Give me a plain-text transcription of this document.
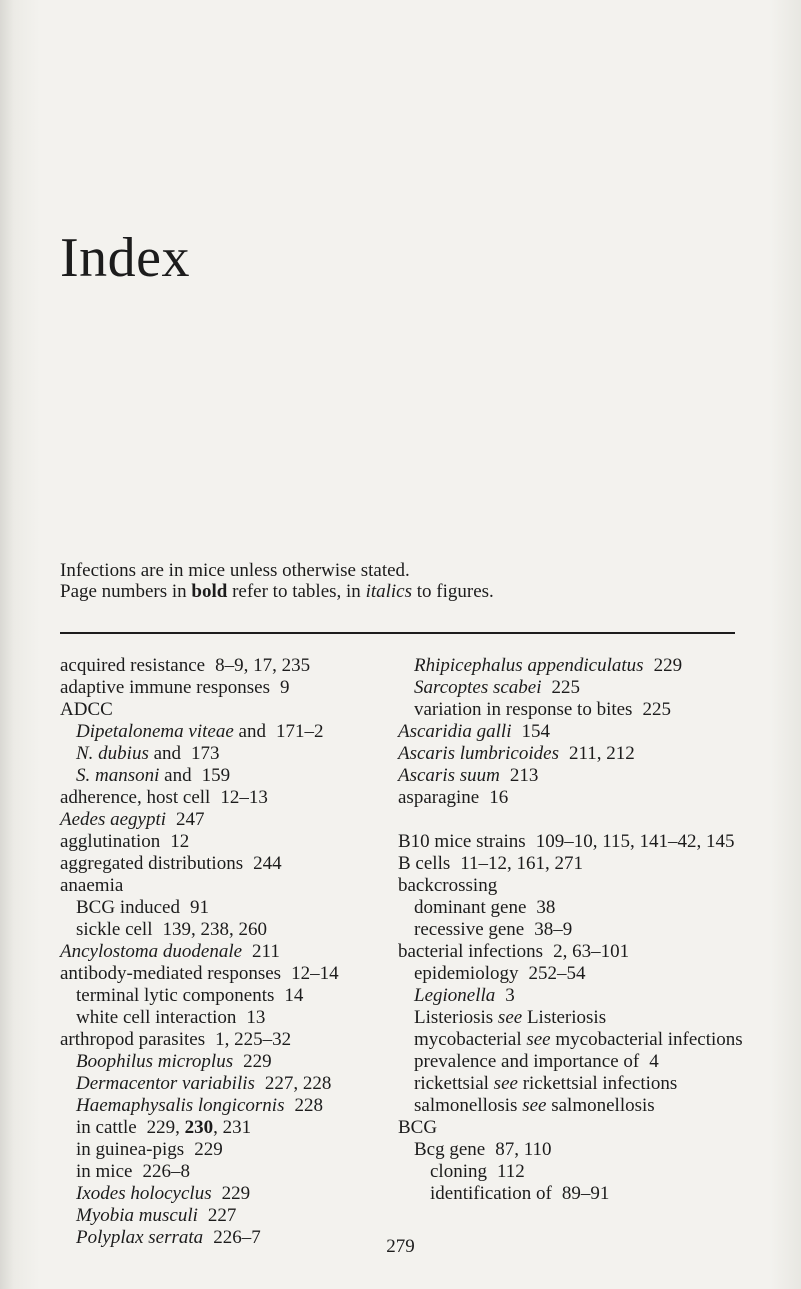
Index

Infections are in mice unless otherwise stated.

Page numbers in bold refer to tables, in italics to figures.

acquired resistance 8–9, 17, 235
adaptive immune responses 9
ADCC
Dipetalonema viteae and 171–2
N. dubius and 173
S. mansoni and 159
adherence, host cell 12–13
Aedes aegypti 247
agglutination 12
aggregated distributions 244
anaemia
BCG induced 91
sickle cell 139, 238, 260
Ancylostoma duodenale 211
antibody-mediated responses 12–14
terminal lytic components 14
white cell interaction 13
arthropod parasites 1, 225–32
Boophilus microplus 229
Dermacentor variabilis 227, 228
Haemaphysalis longicornis 228
in cattle 229, 230, 231
in guinea-pigs 229
in mice 226–8
Ixodes holocyclus 229
Myobia musculi 227
Polyplax serrata 226–7
Rhipicephalus appendiculatus 229
Sarcoptes scabei 225
variation in response to bites 225
Ascaridia galli 154
Ascaris lumbricoides 211, 212
Ascaris suum 213
asparagine 16
B10 mice strains 109–10, 115, 141–42, 145
B cells 11–12, 161, 271
backcrossing
dominant gene 38
recessive gene 38–9
bacterial infections 2, 63–101
epidemiology 252–54
Legionella 3
Listeriosis see Listeriosis
mycobacterial see mycobacterial infections
prevalence and importance of 4
rickettsial see rickettsial infections
salmonellosis see salmonellosis
BCG
Bcg gene 87, 110
cloning 112
identification of 89–91
279
